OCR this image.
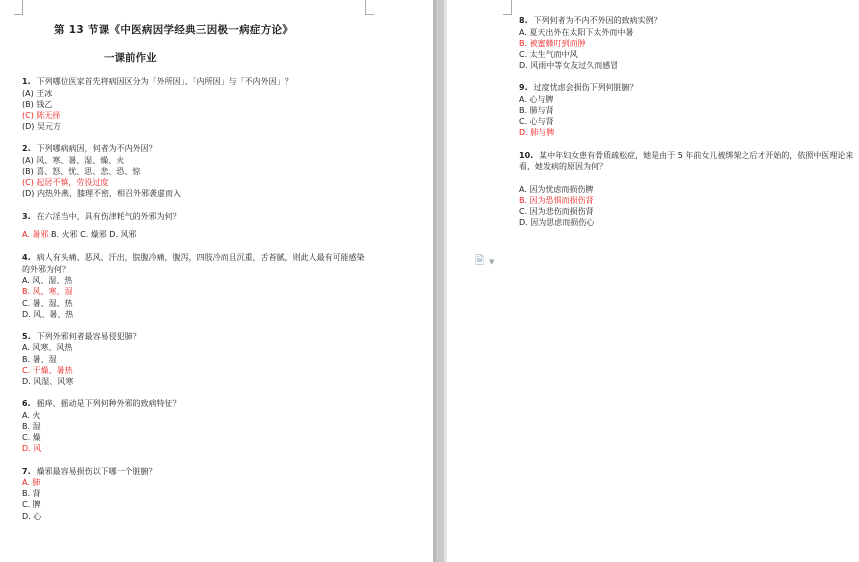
第 13 节课《中医病因学经典三因极一病症方论》
一课前作业
1. 下列哪位医家首先将病因区分为「外所因」、「内所因」与「不内外因」？
(A) 王冰
(B) 钱乙
(C) 陈无择
(D) 吴元方
2. 下列哪病病因，何者为不内外因？
(A) 风、寒、暑、湿、燥、火
(B) 喜、怒、忧、思、悲、恐、惊
(C) 起居不慎，劳役过度
(D) 内热外燕，膝理不密，相召外邪袭虚而入
3. 在六淫当中，具有伤津耗气的外邪为何？
A. 暑邪 B. 火邪 C. 燥邪 D. 风邪
4. 病人有头痛、恶风、汗出，脘腹冷痛，腹泻，四肢冷而且沉重，舌苔腻，则此人最有可能感染的外邪为何？
A. 风、湿、热
B. 风、寒、湿
C. 暑、湿、热
D. 风、暑、热
5. 下列外邪何者最容易侵犯肺？
A. 风寒、风热
B. 暑、湿
C. 干燥、暑热
D. 风湿、风寒
6. 摇痒、摇动是下列何种外邪的致病特征？
A. 火
B. 湿
C. 燥
D. 风
7. 燥邪最容易损伤以下哪一个脏腑？
A. 肺
B. 肾
C. 脾
D. 心
8. 下列何者为不内不外因的致病实例？
A. 夏天出外在太阳下太外而中暑
B. 被蜜蜂叮到而肿
C. 太生气而中风
D. 风雨中等女友过久而感冒
9. 过度忧虑会损伤下列何脏腑？
A. 心与脾
B. 肺与肾
C. 心与肾
D. 肺与脾
10. 某中年妇女患有骨质疏松症，她是由于 5 年前女儿被绑架之后才开始的，依照中医理论来看，她发病的原因为何？
A. 因为忧虑而损伤脾
B. 因为恐惧而损伤肾
C. 因为悲伤而损伤肾
D. 因为思虑而损伤心
🗎 ▼
